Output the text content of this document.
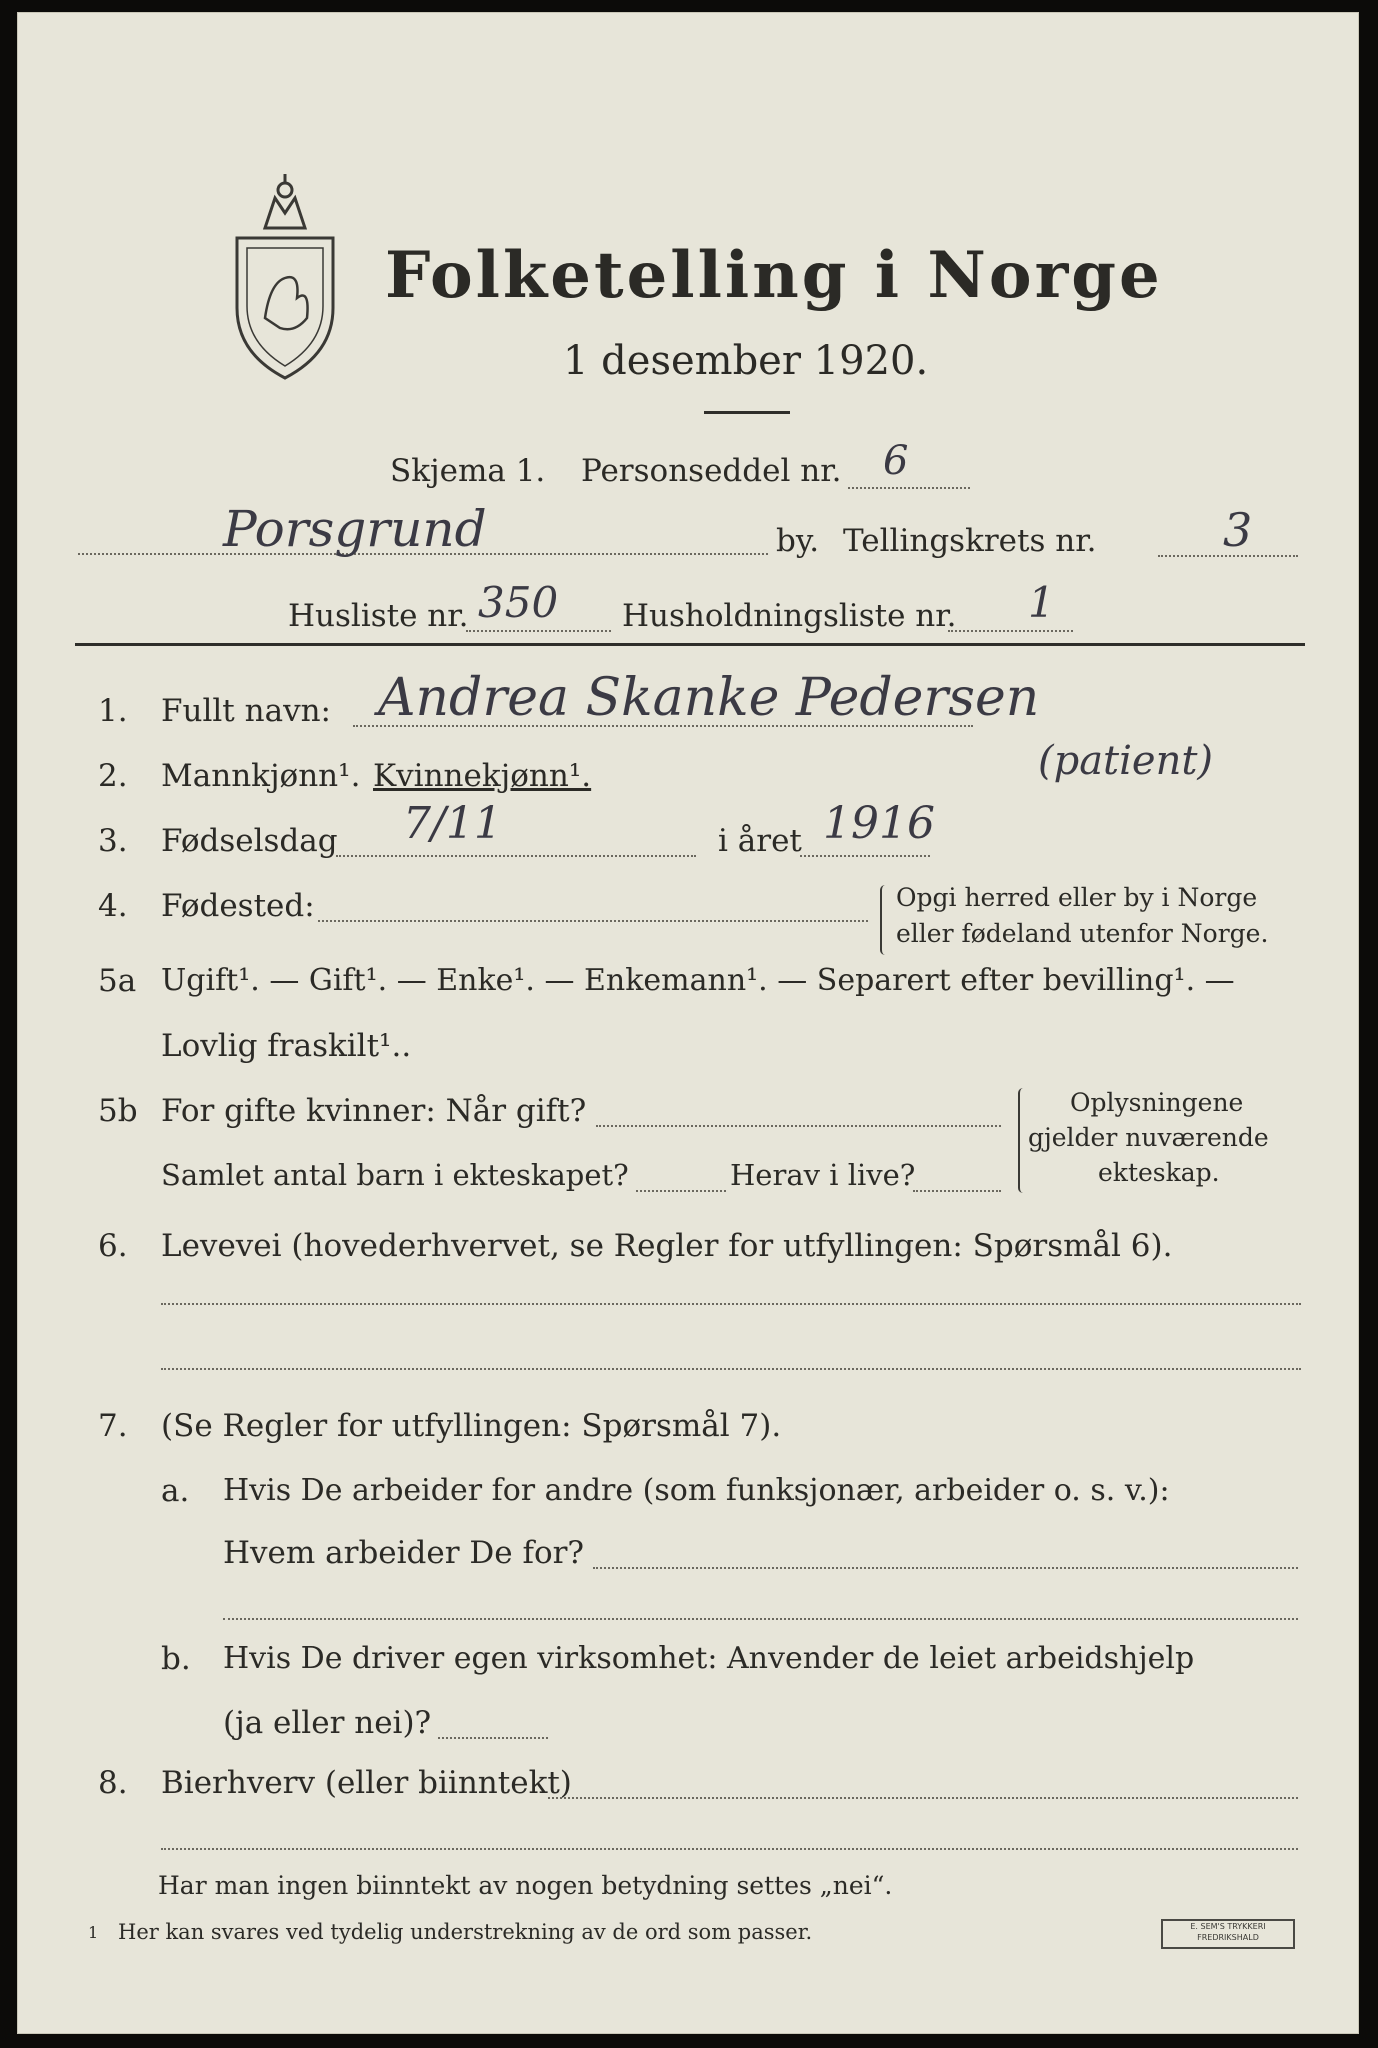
Folketelling i Norge
1 desember 1920.
Skjema 1. Personseddel nr. 6
Porsgrund	by. Tellingskrets nr.	3
Husliste nr. 350 Husholdningsliste nr. 1
1. Fullt navn: Andrea Skanke Pedersen
(patient)
2. Mannkjønn¹. Kvinnekjønn¹.
3. Fødselsdag 7/11	i året 1916
4. Fødested:	Opgi herred eller by i Norge
eller fødeland utenfor Norge.
5a Ugift¹. — Gift¹. — Enke¹. — Enkemann¹. — Separert efter bevilling¹. —
Lovlig fraskilt¹..
5b For gifte kvinner: Når gift?
Samlet antal barn i ekteskapet?	Herav i live?
Oplysningene
gjelder nuværende
ekteskap.
6. Levevei (hovederhvervet, se Regler for utfyllingen: Spørsmål 6).
7. (Se Regler for utfyllingen: Spørsmål 7).
a. Hvis De arbeider for andre (som funksjonær, arbeider o. s. v.):
Hvem arbeider De for?
b. Hvis De driver egen virksomhet: Anvender de leiet arbeidshjelp
(ja eller nei)?
8. Bierhverv (eller biinntekt)
Har man ingen biinntekt av nogen betydning settes „nei“.
1 Her kan svares ved tydelig understrekning av de ord som passer.	E. SEM'S TRYKKERI
FREDRIKSHALD
